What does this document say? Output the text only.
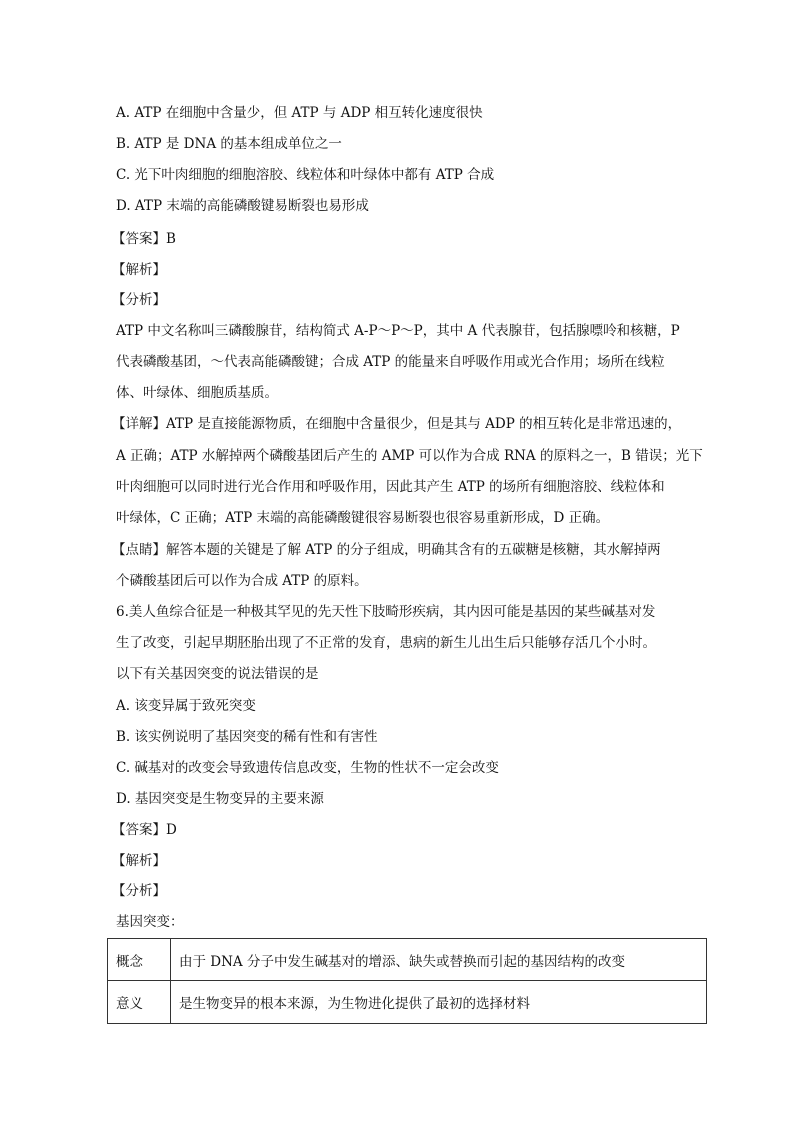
A. ATP 在细胞中含量少，但 ATP 与 ADP 相互转化速度很快
B. ATP 是 DNA 的基本组成单位之一
C. 光下叶肉细胞的细胞溶胶、线粒体和叶绿体中都有 ATP 合成
D. ATP 末端的高能磷酸键易断裂也易形成
【答案】B
【解析】
【分析】
ATP 中文名称叫三磷酸腺苷，结构简式 A-P～P～P，其中 A 代表腺苷，包括腺嘌呤和核糖，P
代表磷酸基团，～代表高能磷酸键；合成 ATP 的能量来自呼吸作用或光合作用；场所在线粒
体、叶绿体、细胞质基质。
【详解】ATP 是直接能源物质，在细胞中含量很少，但是其与 ADP 的相互转化是非常迅速的，
A 正确；ATP 水解掉两个磷酸基团后产生的 AMP 可以作为合成 RNA 的原料之一，B 错误；光下
叶肉细胞可以同时进行光合作用和呼吸作用，因此其产生 ATP 的场所有细胞溶胶、线粒体和
叶绿体，C 正确；ATP 末端的高能磷酸键很容易断裂也很容易重新形成，D 正确。
【点睛】解答本题的关键是了解 ATP 的分子组成，明确其含有的五碳糖是核糖，其水解掉两
个磷酸基团后可以作为合成 ATP 的原料。
6.美人鱼综合征是一种极其罕见的先天性下肢畸形疾病，其内因可能是基因的某些碱基对发
生了改变，引起早期胚胎出现了不正常的发育，患病的新生儿出生后只能够存活几个小时。
以下有关基因突变的说法错误的是
A. 该变异属于致死突变
B. 该实例说明了基因突变的稀有性和有害性
C. 碱基对的改变会导致遗传信息改变，生物的性状不一定会改变
D. 基因突变是生物变异的主要来源
【答案】D
【解析】
【分析】
基因突变：
概念	由于 DNA 分子中发生碱基对的增添、缺失或替换而引起的基因结构的改变
意义	是生物变异的根本来源，为生物进化提供了最初的选择材料
